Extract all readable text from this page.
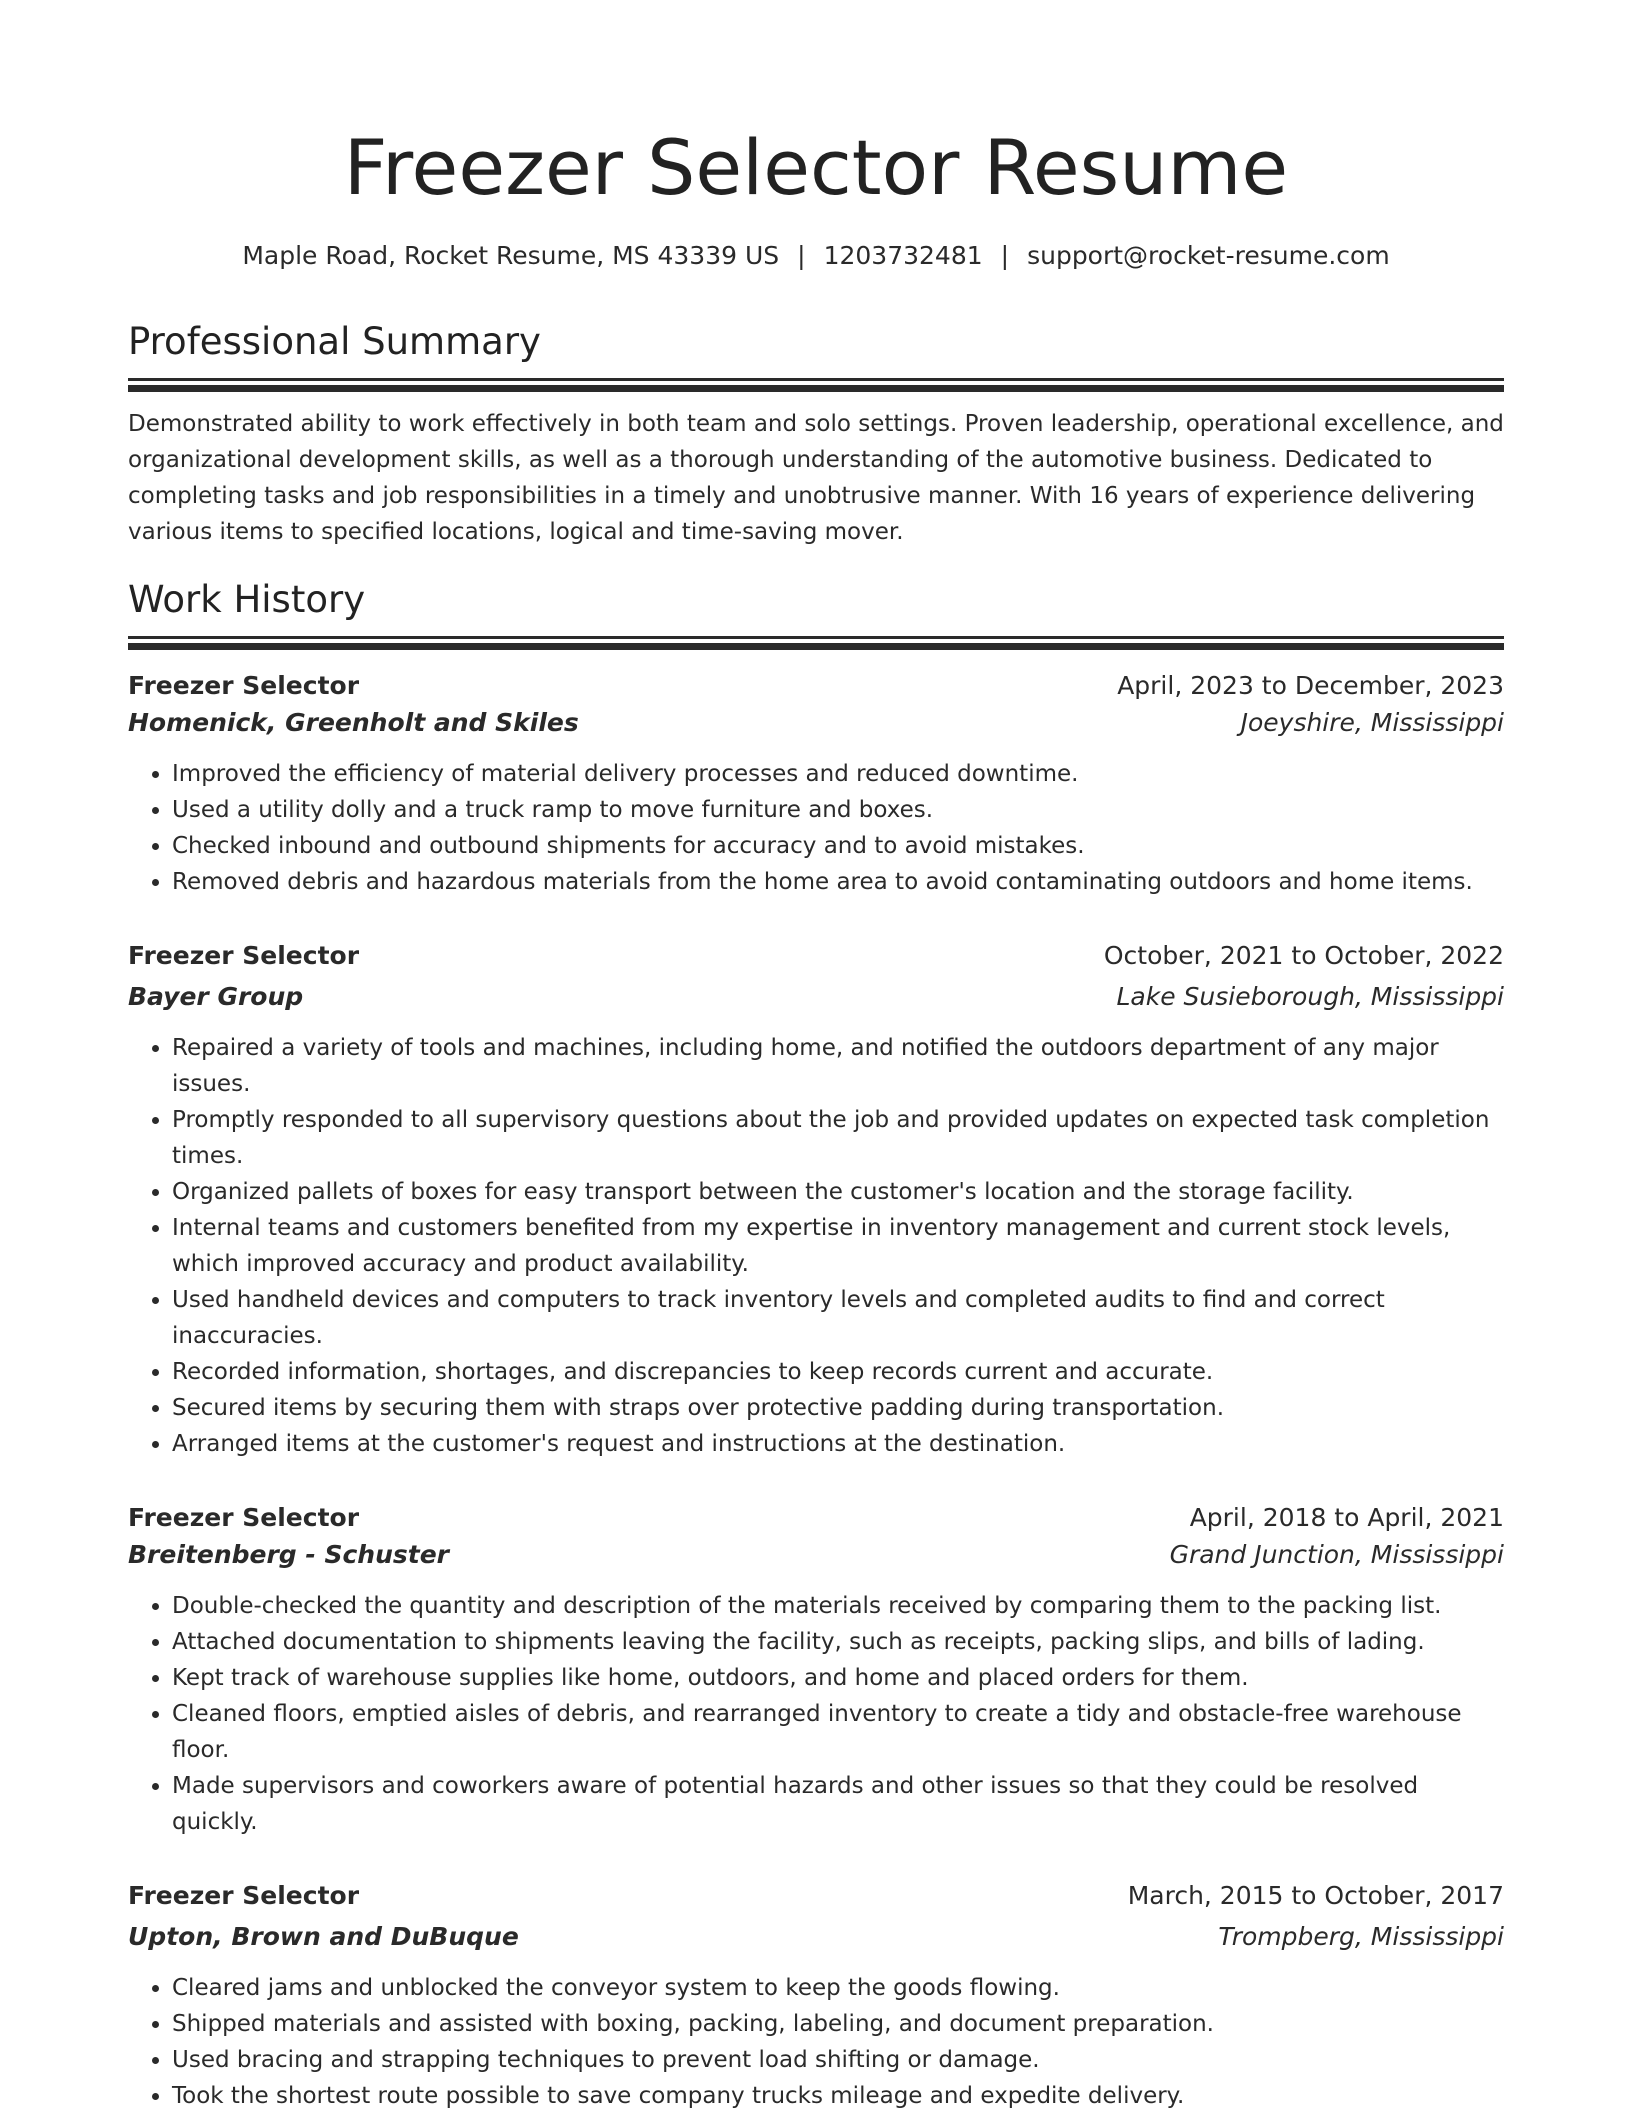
Freezer Selector Resume
Maple Road, Rocket Resume, MS 43339 US | 1203732481 | support@rocket-resume.com
Professional Summary

Demonstrated ability to work effectively in both team and solo settings. Proven leadership, operational excellence, and organizational development skills, as well as a thorough understanding of the automotive business. Dedicated to completing tasks and job responsibilities in a timely and unobtrusive manner. With 16 years of experience delivering various items to specified locations, logical and time-saving mover.

Work History
Freezer Selector	April, 2023 to December, 2023
Homenick, Greenholt and Skiles	Joeyshire, Mississippi
• Improved the efficiency of material delivery processes and reduced downtime.
• Used a utility dolly and a truck ramp to move furniture and boxes.
• Checked inbound and outbound shipments for accuracy and to avoid mistakes.
• Removed debris and hazardous materials from the home area to avoid contaminating outdoors and home items.
Freezer Selector	October, 2021 to October, 2022
Bayer Group	Lake Susieborough, Mississippi
• Repaired a variety of tools and machines, including home, and notified the outdoors department of any major issues.
• Promptly responded to all supervisory questions about the job and provided updates on expected task completion times.
• Organized pallets of boxes for easy transport between the customer's location and the storage facility.
• Internal teams and customers benefited from my expertise in inventory management and current stock levels, which improved accuracy and product availability.
• Used handheld devices and computers to track inventory levels and completed audits to find and correct inaccuracies.
• Recorded information, shortages, and discrepancies to keep records current and accurate.
• Secured items by securing them with straps over protective padding during transportation.
• Arranged items at the customer's request and instructions at the destination.
Freezer Selector	April, 2018 to April, 2021
Breitenberg - Schuster	Grand Junction, Mississippi
• Double-checked the quantity and description of the materials received by comparing them to the packing list.
• Attached documentation to shipments leaving the facility, such as receipts, packing slips, and bills of lading.
• Kept track of warehouse supplies like home, outdoors, and home and placed orders for them.
• Cleaned floors, emptied aisles of debris, and rearranged inventory to create a tidy and obstacle-free warehouse floor.
• Made supervisors and coworkers aware of potential hazards and other issues so that they could be resolved quickly.
Freezer Selector	March, 2015 to October, 2017
Upton, Brown and DuBuque	Trompberg, Mississippi
• Cleared jams and unblocked the conveyor system to keep the goods flowing.
• Shipped materials and assisted with boxing, packing, labeling, and document preparation.
• Used bracing and strapping techniques to prevent load shifting or damage.
• Took the shortest route possible to save company trucks mileage and expedite delivery.
